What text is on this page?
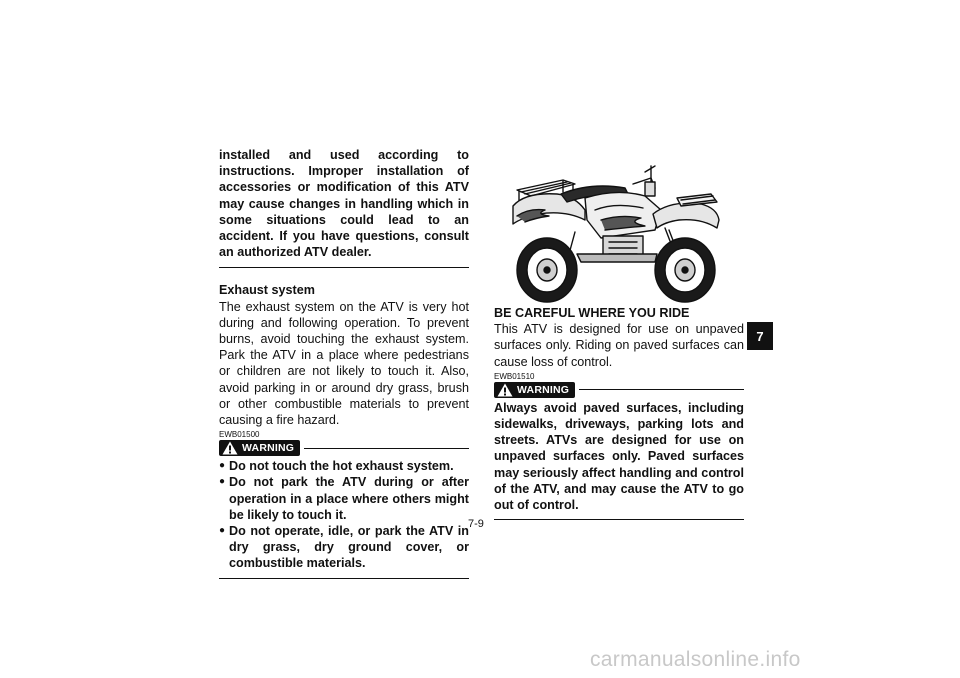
installed and used according to instructions. Improper installation of accessories or modification of this ATV may cause changes in handling which in some situations could lead to an accident. If you have questions, consult an authorized ATV dealer.
Exhaust system
The exhaust system on the ATV is very hot during and following operation. To prevent burns, avoid touching the exhaust system. Park the ATV in a place where pedestrians or children are not likely to touch it. Also, avoid parking in or around dry grass, brush or other combustible materials to prevent causing a fire hazard.
EWB01500
WARNING
● Do not touch the hot exhaust system.
● Do not park the ATV during or after operation in a place where others might be likely to touch it.
● Do not operate, idle, or park the ATV in dry grass, dry ground cover, or combustible materials.
BE CAREFUL WHERE YOU RIDE
This ATV is designed for use on unpaved surfaces only. Riding on paved surfaces can cause loss of control.
EWB01510
WARNING
Always avoid paved surfaces, including sidewalks, driveways, parking lots and streets. ATVs are designed for use on unpaved surfaces only. Paved surfaces may seriously affect handling and control of the ATV, and may cause the ATV to go out of control.
7
7-9
carmanualsonline.info
